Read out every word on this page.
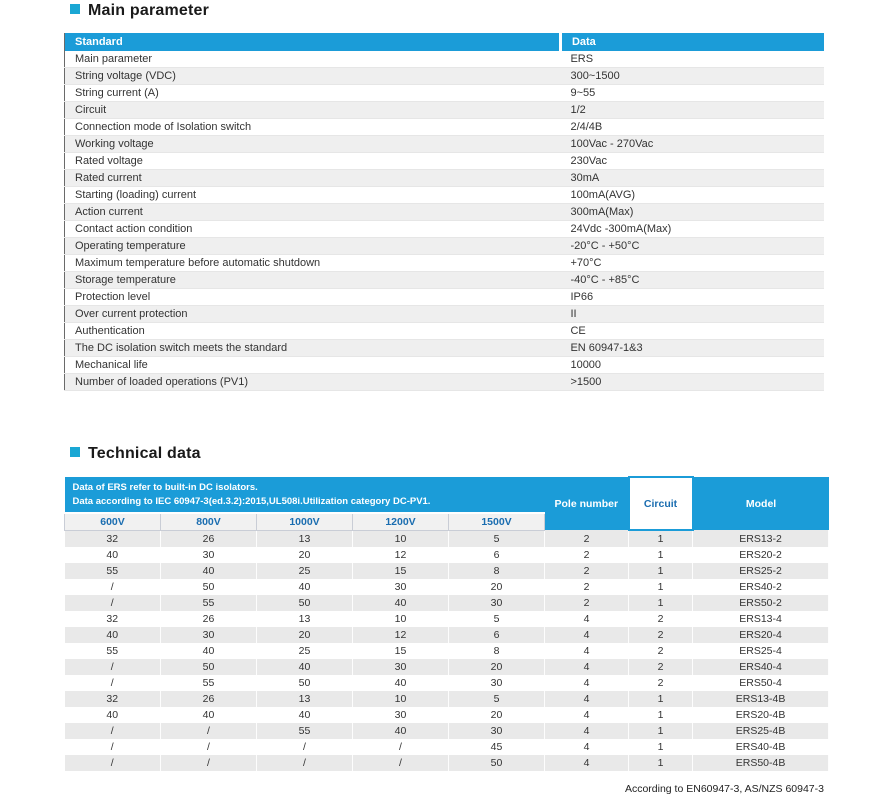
Main parameter
Standard	Data
Main parameter	ERS
String voltage (VDC)	300~1500
String current (A)	9~55
Circuit	1/2
Connection mode of Isolation switch	2/4/4B
Working voltage	100Vac - 270Vac
Rated voltage	230Vac
Rated current	30mA
Starting (loading) current	100mA(AVG)
Action current	300mA(Max)
Contact action condition	24Vdc -300mA(Max)
Operating temperature	-20°C - +50°C
Maximum temperature before automatic shutdown	+70°C
Storage temperature	-40°C - +85°C
Protection level	IP66
Over current protection	II
Authentication	CE
The DC isolation switch meets the standard	EN 60947-1&3
Mechanical life	10000
Number of loaded operations (PV1)	>1500
Technical data
Data of ERS refer to built-in DC isolators.
Data according to IEC 60947-3(ed.3.2):2015,UL508i.Utilization category DC-PV1.					Pole number	Circuit	Model
600V	800V	1000V	1200V	1500V			
32	26	13	10	5	2	1	ERS13-2
40	30	20	12	6	2	1	ERS20-2
55	40	25	15	8	2	1	ERS25-2
/	50	40	30	20	2	1	ERS40-2
/	55	50	40	30	2	1	ERS50-2
32	26	13	10	5	4	2	ERS13-4
40	30	20	12	6	4	2	ERS20-4
55	40	25	15	8	4	2	ERS25-4
/	50	40	30	20	4	2	ERS40-4
/	55	50	40	30	4	2	ERS50-4
32	26	13	10	5	4	1	ERS13-4B
40	40	40	30	20	4	1	ERS20-4B
/	/	55	40	30	4	1	ERS25-4B
/	/	/	/	45	4	1	ERS40-4B
/	/	/	/	50	4	1	ERS50-4B
According to EN60947-3, AS/NZS 60947-3
